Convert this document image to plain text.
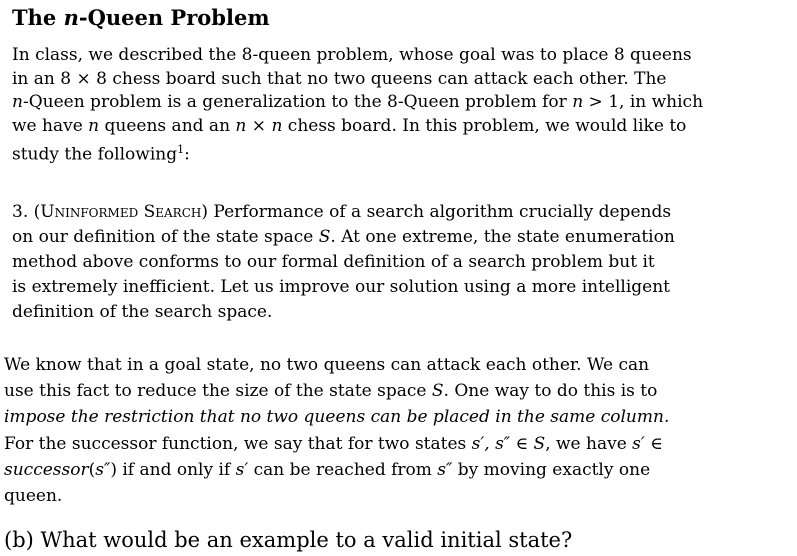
The n-Queen Problem
In class, we described the 8-queen problem, whose goal was to place 8 queens
in an 8 × 8 chess board such that no two queens can attack each other. The
n-Queen problem is a generalization to the 8-Queen problem for n > 1, in which
we have n queens and an n × n chess board. In this problem, we would like to
study the following$^1$:
3. (Uninformed Search) Performance of a search algorithm crucially depends
on our definition of the state space S. At one extreme, the state enumeration
method above conforms to our formal definition of a search problem but it
is extremely inefficient. Let us improve our solution using a more intelligent
definition of the search space.
We know that in a goal state, no two queens can attack each other. We can
use this fact to reduce the size of the state space S. One way to do this is to
impose the restriction that no two queens can be placed in the same column.
For the successor function, we say that for two states s′, s″ ∈ S, we have s′ ∈
successor(s″) if and only if s′ can be reached from s″ by moving exactly one
queen.
(b) What would be an example to a valid initial state?
